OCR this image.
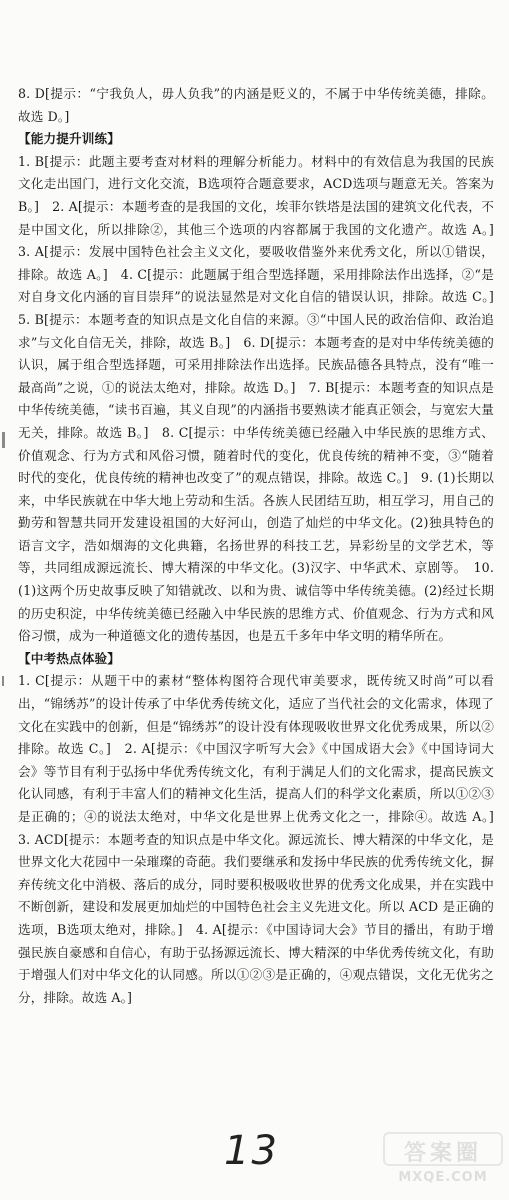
8. D[提示：“宁我负人，毋人负我”的内涵是贬义的，不属于中华传统美德，排除。故选 D。]

【能力提升训练】

1. B[提示：此题主要考查对材料的理解分析能力。材料中的有效信息为我国的民族文化走出国门，进行文化交流，B选项符合题意要求，ACD选项与题意无关。答案为 B。]　2. A[提示：本题考查的是我国的文化，埃菲尔铁塔是法国的建筑文化代表，不是中国文化，所以排除②，其他三个选项的内容都属于我国的文化遗产。故选 A。]　3. A[提示：发展中国特色社会主义文化，要吸收借鉴外来优秀文化，所以①错误，排除。故选 A。]　4. C[提示：此题属于组合型选择题，采用排除法作出选择，②“是对自身文化内涵的盲目崇拜”的说法显然是对文化自信的错误认识，排除。故选 C。]　5. B[提示：本题考查的知识点是文化自信的来源。③“中国人民的政治信仰、政治追求”与文化自信无关，排除，故选 B。]　6. D[提示：本题考查的是对中华传统美德的认识，属于组合型选择题，可采用排除法作出选择。民族品德各具特点，没有“唯一最高尚”之说，①的说法太绝对，排除。故选 D。]　7. B[提示：本题考查的知识点是中华传统美德，“读书百遍，其义自现”的内涵指书要熟读才能真正领会，与宽宏大量无关，排除。故选 B。]　8. C[提示：中华传统美德已经融入中华民族的思维方式、价值观念、行为方式和风俗习惯，随着时代的变化，优良传统的精神不变，③“随着时代的变化，优良传统的精神也改变了”的观点错误，排除。故选 C。]　9. (1)长期以来，中华民族就在中华大地上劳动和生活。各族人民团结互助，相互学习，用自己的勤劳和智慧共同开发建设祖国的大好河山，创造了灿烂的中华文化。(2)独具特色的语言文字，浩如烟海的文化典籍，名扬世界的科技工艺，异彩纷呈的文学艺术，等等，共同组成源远流长、博大精深的中华文化。(3)汉字、中华武术、京剧等。　10. (1)这两个历史故事反映了知错就改、以和为贵、诚信等中华传统美德。(2)经过长期的历史积淀，中华传统美德已经融入中华民族的思维方式、价值观念、行为方式和风俗习惯，成为一种道德文化的遗传基因，也是五千多年中华文明的精华所在。

【中考热点体验】

1. C[提示：从题干中的素材“整体构图符合现代审美要求，既传统又时尚”可以看出，“锦绣苏”的设计传承了中华优秀传统文化，适应了当代社会的文化需求，体现了文化在实践中的创新，但是“锦绣苏”的设计没有体现吸收世界文化优秀成果，所以②排除。故选 C。]　2. A[提示：《中国汉字听写大会》《中国成语大会》《中国诗词大会》等节目有利于弘扬中华优秀传统文化，有利于满足人们的文化需求，提高民族文化认同感，有利于丰富人们的精神文化生活，提高人们的科学文化素质，所以①②③是正确的；④的说法太绝对，中华文化是世界上优秀文化之一，排除④。故选 A。]　3. ACD[提示：本题考查的知识点是中华文化。源远流长、博大精深的中华文化，是世界文化大花园中一朵璀璨的奇葩。我们要继承和发扬中华民族的优秀传统文化，摒弃传统文化中消极、落后的成分，同时要积极吸收世界的优秀文化成果，并在实践中不断创新，建设和发展更加灿烂的中国特色社会主义先进文化。所以 ACD 是正确的选项，B选项太绝对，排除。]　4. A[提示：《中国诗词大会》节目的播出，有助于增强民族自豪感和自信心，有助于弘扬源远流长、博大精深的中华优秀传统文化，有助于增强人们对中华文化的认同感。所以①②③是正确的，④观点错误，文化无优劣之分，排除。故选 A。]

13	答案圈
MXQE.COM
